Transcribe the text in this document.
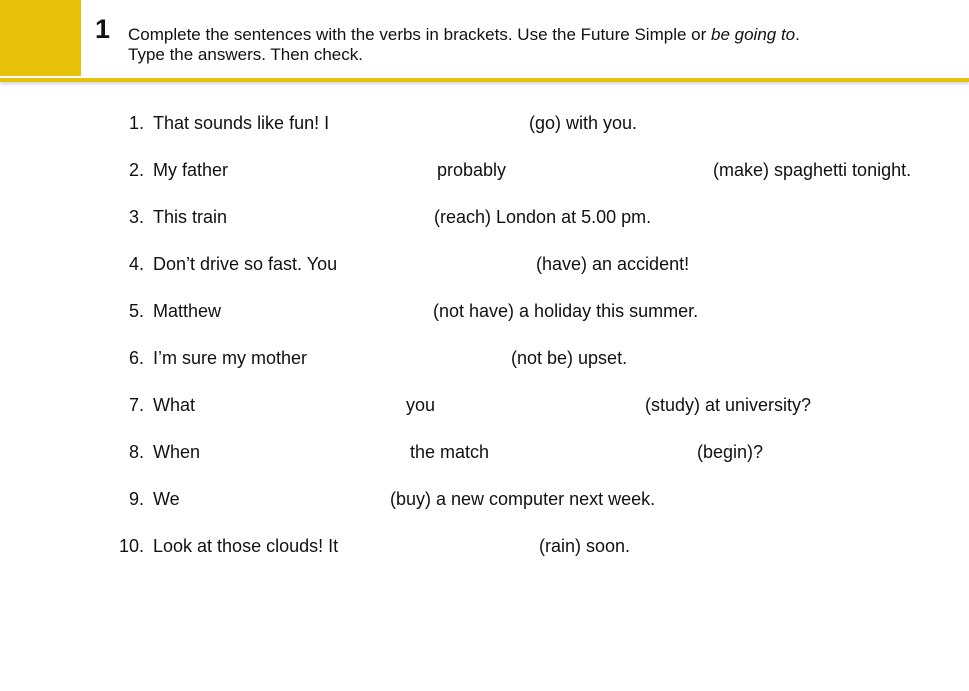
1 Complete the sentences with the verbs in brackets. Use the Future Simple or be going to.
Type the answers. Then check.
1. That sounds like fun! I	(go) with you.
2. My father	probably	(make) spaghetti tonight.
3. This train	(reach) London at 5.00 pm.
4. Don’t drive so fast. You	(have) an accident!
5. Matthew	(not have) a holiday this summer.
6. I’m sure my mother	(not be) upset.
7. What	you	(study) at university?
8. When	the match	(begin)?
9. We	(buy) a new computer next week.
10. Look at those clouds! It	(rain) soon.
